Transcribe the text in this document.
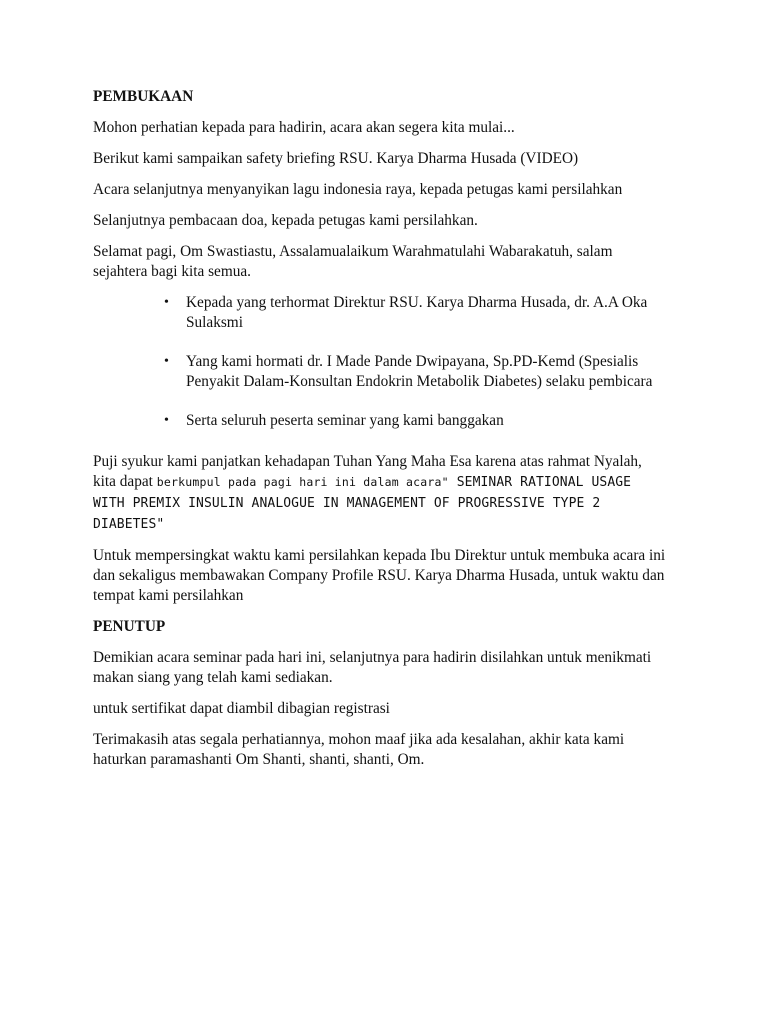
PEMBUKAAN

Mohon perhatian kepada para hadirin, acara akan segera kita mulai...

Berikut kami sampaikan safety briefing RSU. Karya Dharma Husada (VIDEO)

Acara selanjutnya menyanyikan lagu indonesia raya, kepada petugas kami persilahkan

Selanjutnya pembacaan doa, kepada petugas kami persilahkan.

Selamat pagi, Om Swastiastu, Assalamualaikum Warahmatulahi Wabarakatuh, salam
sejahtera bagi kita semua.

• Kepada yang terhormat Direktur RSU. Karya Dharma Husada, dr. A.A Oka
Sulaksmi
• Yang kami hormati dr. I Made Pande Dwipayana, Sp.PD-Kemd (Spesialis
Penyakit Dalam-Konsultan Endokrin Metabolik Diabetes) selaku pembicara
• Serta seluruh peserta seminar yang kami banggakan

Puji syukur kami panjatkan kehadapan Tuhan Yang Maha Esa karena atas rahmat Nyalah,
kita dapat berkumpul pada pagi hari ini dalam acara" SEMINAR RATIONAL USAGE
WITH PREMIX INSULIN ANALOGUE IN MANAGEMENT OF PROGRESSIVE TYPE 2
DIABETES"

Untuk mempersingkat waktu kami persilahkan kepada Ibu Direktur untuk membuka acara ini
dan sekaligus membawakan Company Profile RSU. Karya Dharma Husada, untuk waktu dan
tempat kami persilahkan

PENUTUP

Demikian acara seminar pada hari ini, selanjutnya para hadirin disilahkan untuk menikmati
makan siang yang telah kami sediakan.

untuk sertifikat dapat diambil dibagian registrasi

Terimakasih atas segala perhatiannya, mohon maaf jika ada kesalahan, akhir kata kami
haturkan paramashanti Om Shanti, shanti, shanti, Om.
